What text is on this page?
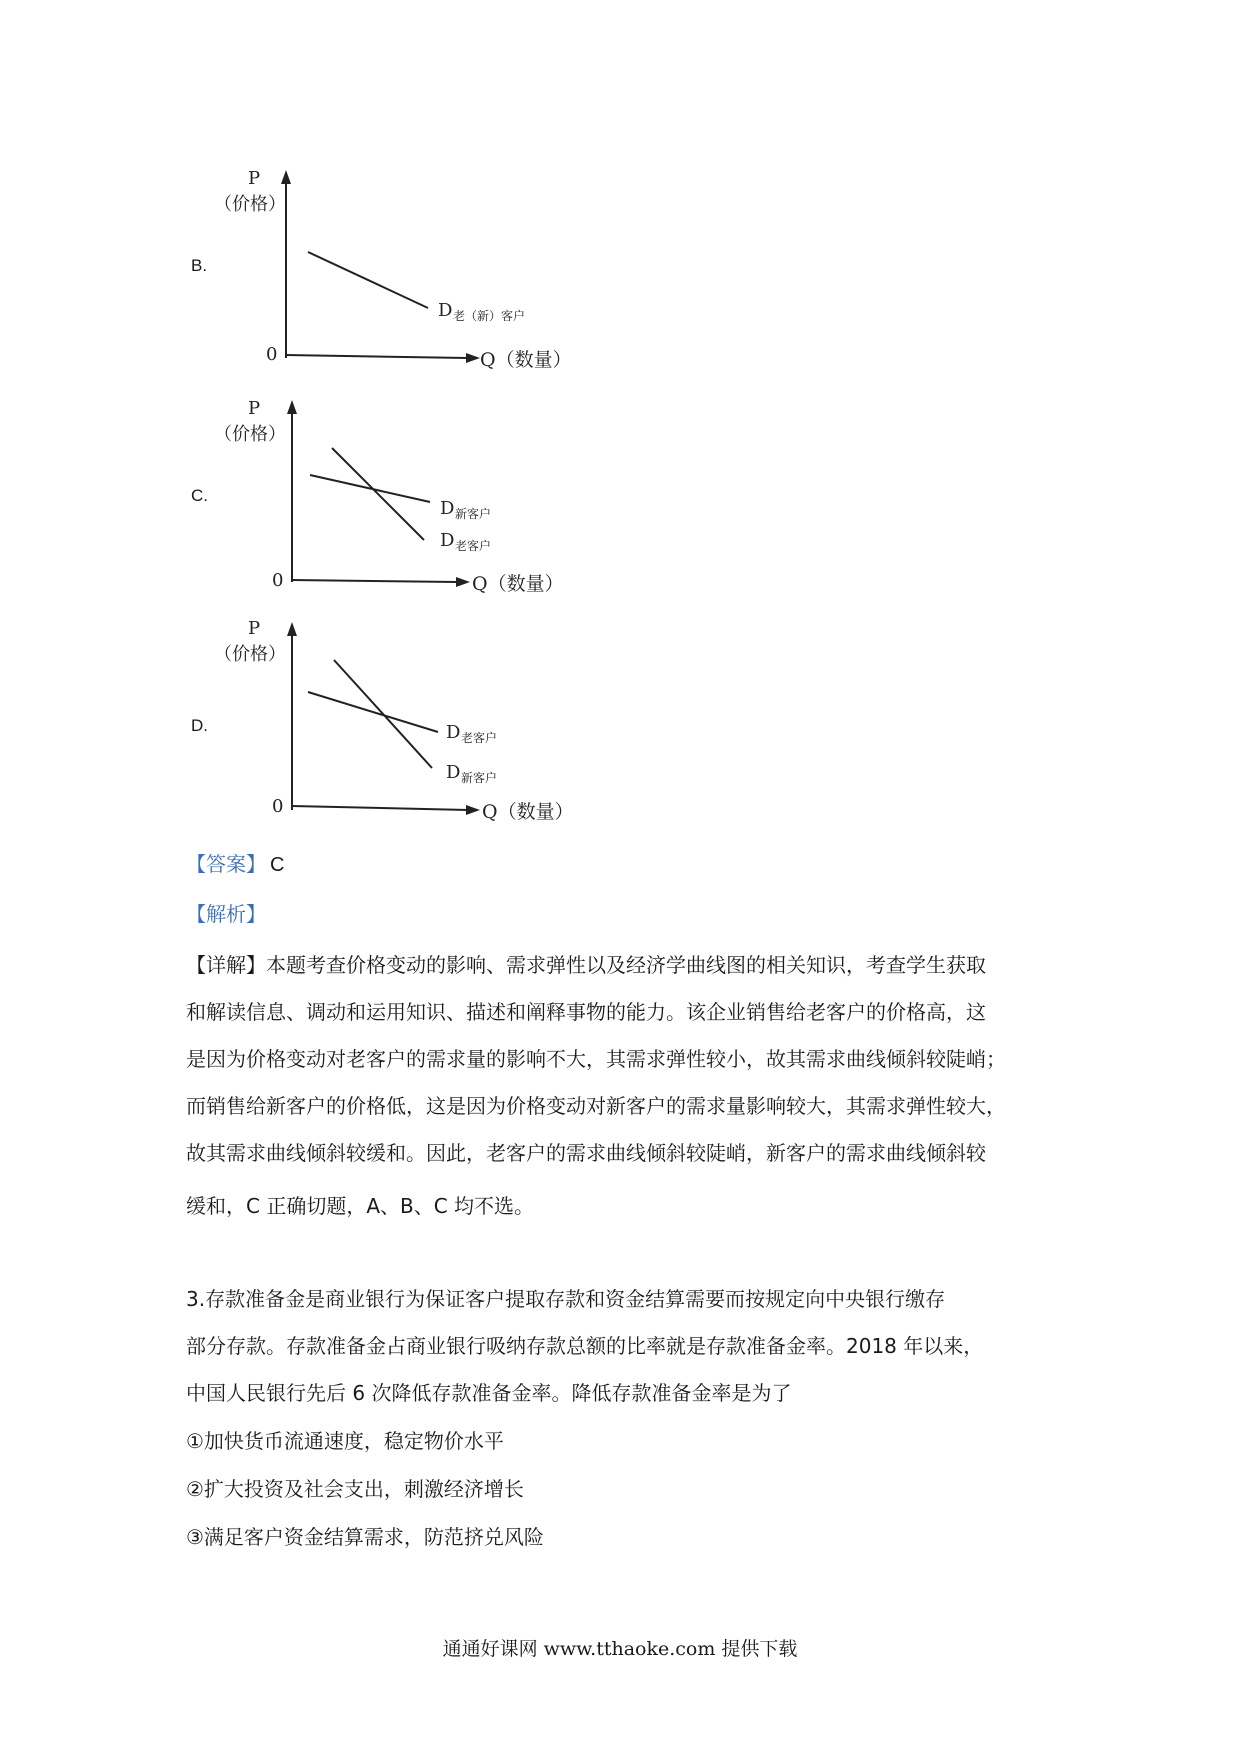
B.
P
（价格）
0	Q（数量）
D 老（新）客户
C.
P
（价格）
0	Q（数量）
D 新客户
D 老客户
D.
P
（价格）
0	Q（数量）
D 老客户
D 新客户
【答案】 C
【解析】
【详解】本题考查价格变动的影响、需求弹性以及经济学曲线图的相关知识，考查学生获取
和解读信息、调动和运用知识、描述和阐释事物的能力。该企业销售给老客户的价格高，这
是因为价格变动对老客户的需求量的影响不大，其需求弹性较小，故其需求曲线倾斜较陡峭；
而销售给新客户的价格低，这是因为价格变动对新客户的需求量影响较大，其需求弹性较大，
故其需求曲线倾斜较缓和。因此，老客户的需求曲线倾斜较陡峭，新客户的需求曲线倾斜较
缓和，C 正确切题，A、B、C 均不选。
3.存款准备金是商业银行为保证客户提取存款和资金结算需要而按规定向中央银行缴存
部分存款。存款准备金占商业银行吸纳存款总额的比率就是存款准备金率。2018 年以来，
中国人民银行先后 6 次降低存款准备金率。降低存款准备金率是为了
①加快货币流通速度，稳定物价水平
②扩大投资及社会支出，刺激经济增长
③满足客户资金结算需求，防范挤兑风险
通通好课网 www.tthaoke.com 提供下载
